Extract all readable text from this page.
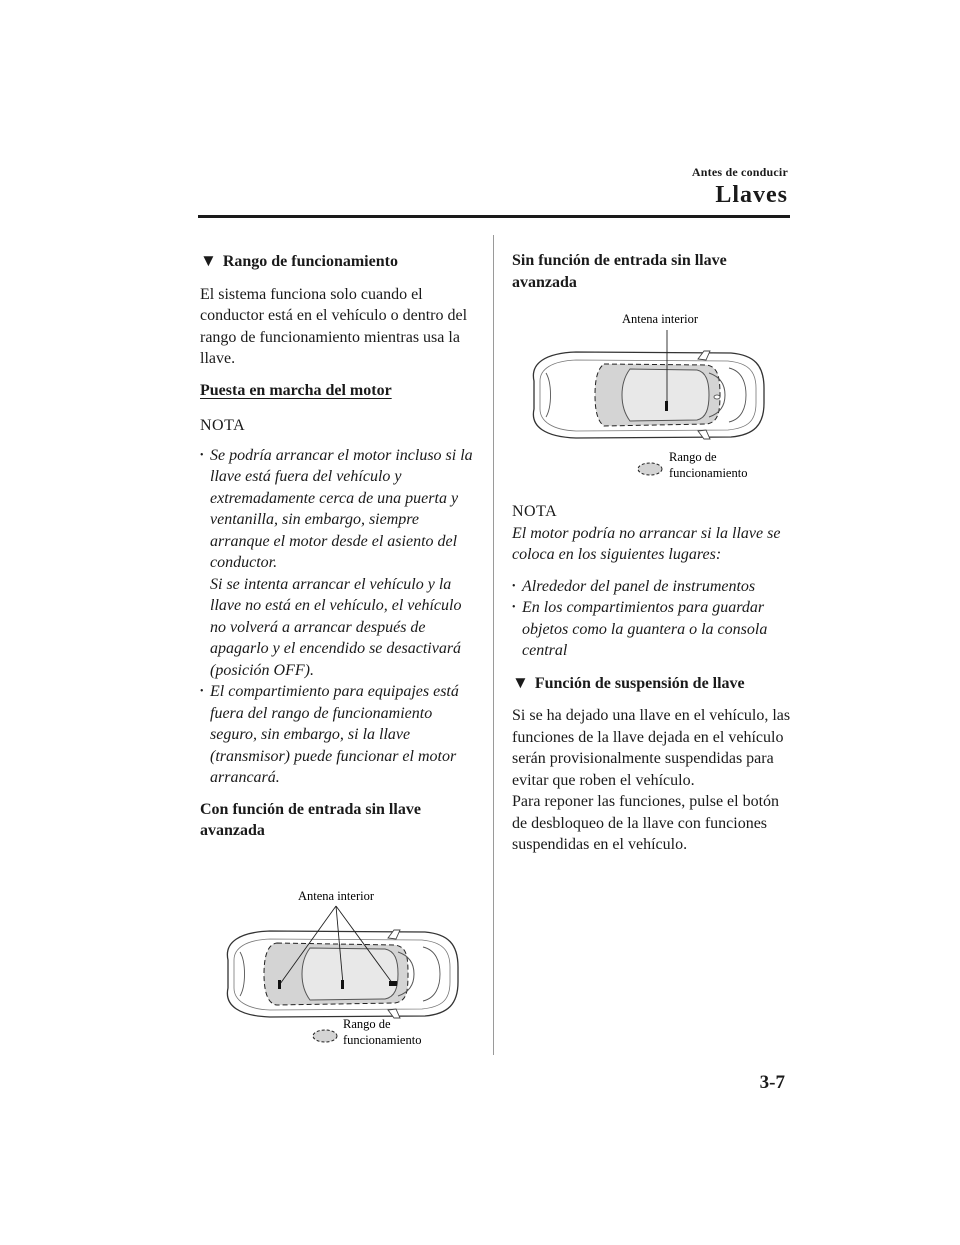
Antes de conducir
Llaves
▼ Rango de funcionamiento

El sistema funciona solo cuando el conductor está en el vehículo o dentro del rango de funcionamiento mientras usa la llave.

Puesta en marcha del motor
NOTA
• Se podría arrancar el motor incluso si la llave está fuera del vehículo y extremadamente cerca de una puerta y ventanilla, sin embargo, siempre arranque el motor desde el asiento del conductor.
Si se intenta arrancar el vehículo y la llave no está en el vehículo, el vehículo no volverá a arrancar después de apagarlo y el encendido se desactivará (posición OFF).
• El compartimiento para equipajes está fuera del rango de funcionamiento seguro, sin embargo, si la llave (transmisor) puede funcionar el motor arrancará.
Con función de entrada sin llave avanzada
Antena interior
Rango de
funcionamiento
Sin función de entrada sin llave avanzada
Antena interior
Rango de
funcionamiento
NOTA

El motor podría no arrancar si la llave se coloca en los siguientes lugares:

• Alrededor del panel de instrumentos
• En los compartimientos para guardar objetos como la guantera o la consola central
▼ Función de suspensión de llave

Si se ha dejado una llave en el vehículo, las funciones de la llave dejada en el vehículo serán provisionalmente suspendidas para evitar que roben el vehículo.
Para reponer las funciones, pulse el botón de desbloqueo de la llave con funciones suspendidas en el vehículo.

3-7
